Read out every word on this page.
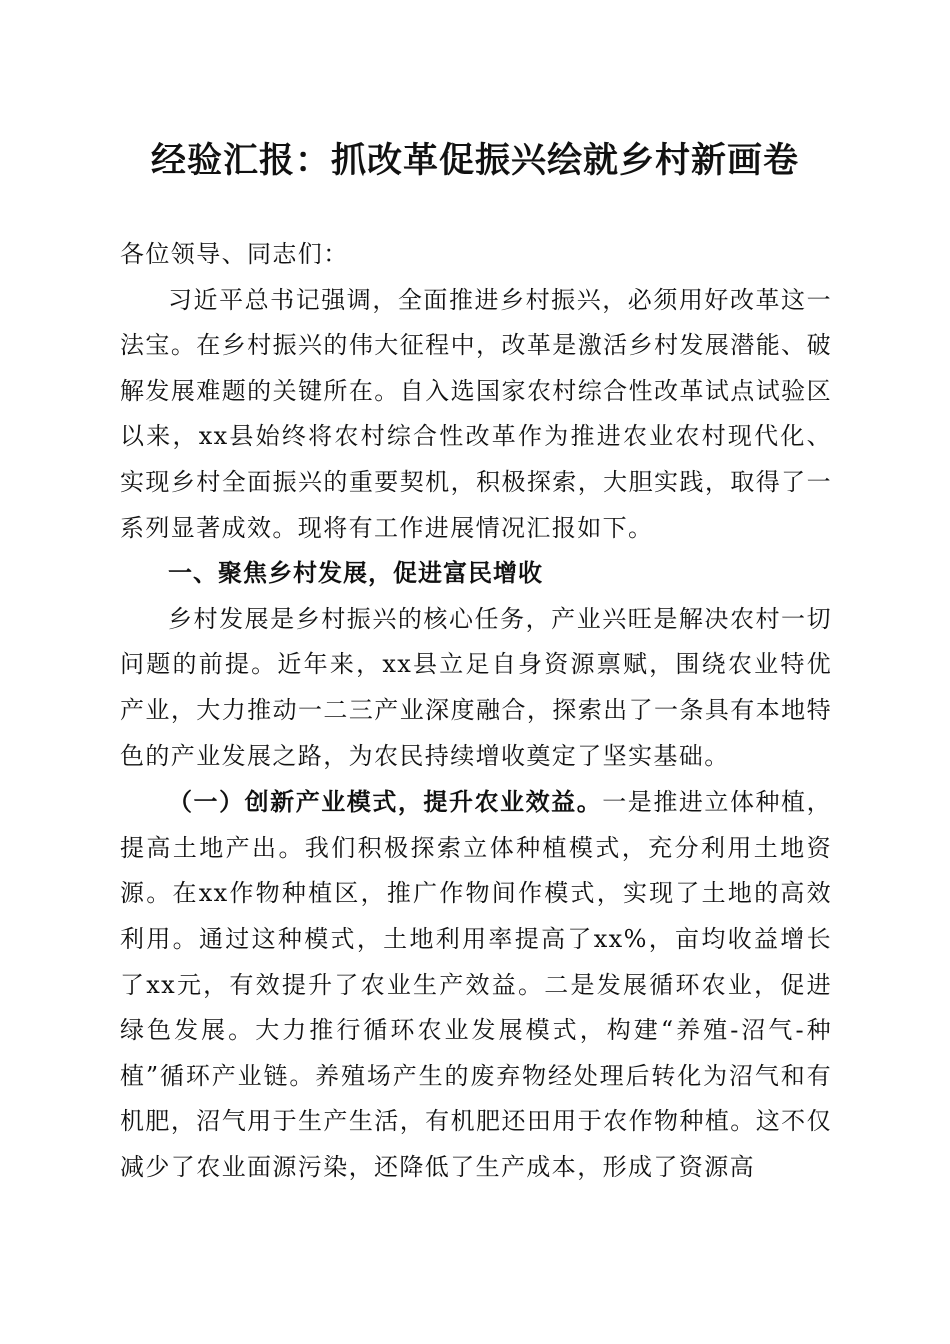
经验汇报：抓改革促振兴绘就乡村新画卷

各位领导、同志们：

习近平总书记强调，全面推进乡村振兴，必须用好改革这一法宝。在乡村振兴的伟大征程中，改革是激活乡村发展潜能、破解发展难题的关键所在。自入选国家农村综合性改革试点试验区以来，xx县始终将农村综合性改革作为推进农业农村现代化、实现乡村全面振兴的重要契机，积极探索，大胆实践，取得了一系列显著成效。现将有工作进展情况汇报如下。

一、聚焦乡村发展，促进富民增收

乡村发展是乡村振兴的核心任务，产业兴旺是解决农村一切问题的前提。近年来，xx县立足自身资源禀赋，围绕农业特优产业，大力推动一二三产业深度融合，探索出了一条具有本地特色的产业发展之路，为农民持续增收奠定了坚实基础。

（一）创新产业模式，提升农业效益。一是推进立体种植，提高土地产出。我们积极探索立体种植模式，充分利用土地资源。在xx作物种植区，推广作物间作模式，实现了土地的高效利用。通过这种模式，土地利用率提高了xx%，亩均收益增长了xx元，有效提升了农业生产效益。二是发展循环农业，促进绿色发展。大力推行循环农业发展模式，构建“养殖-沼气-种植”循环产业链。养殖场产生的废弃物经处理后转化为沼气和有机肥，沼气用于生产生活，有机肥还田用于农作物种植。这不仅减少了农业面源污染，还降低了生产成本，形成了资源高
